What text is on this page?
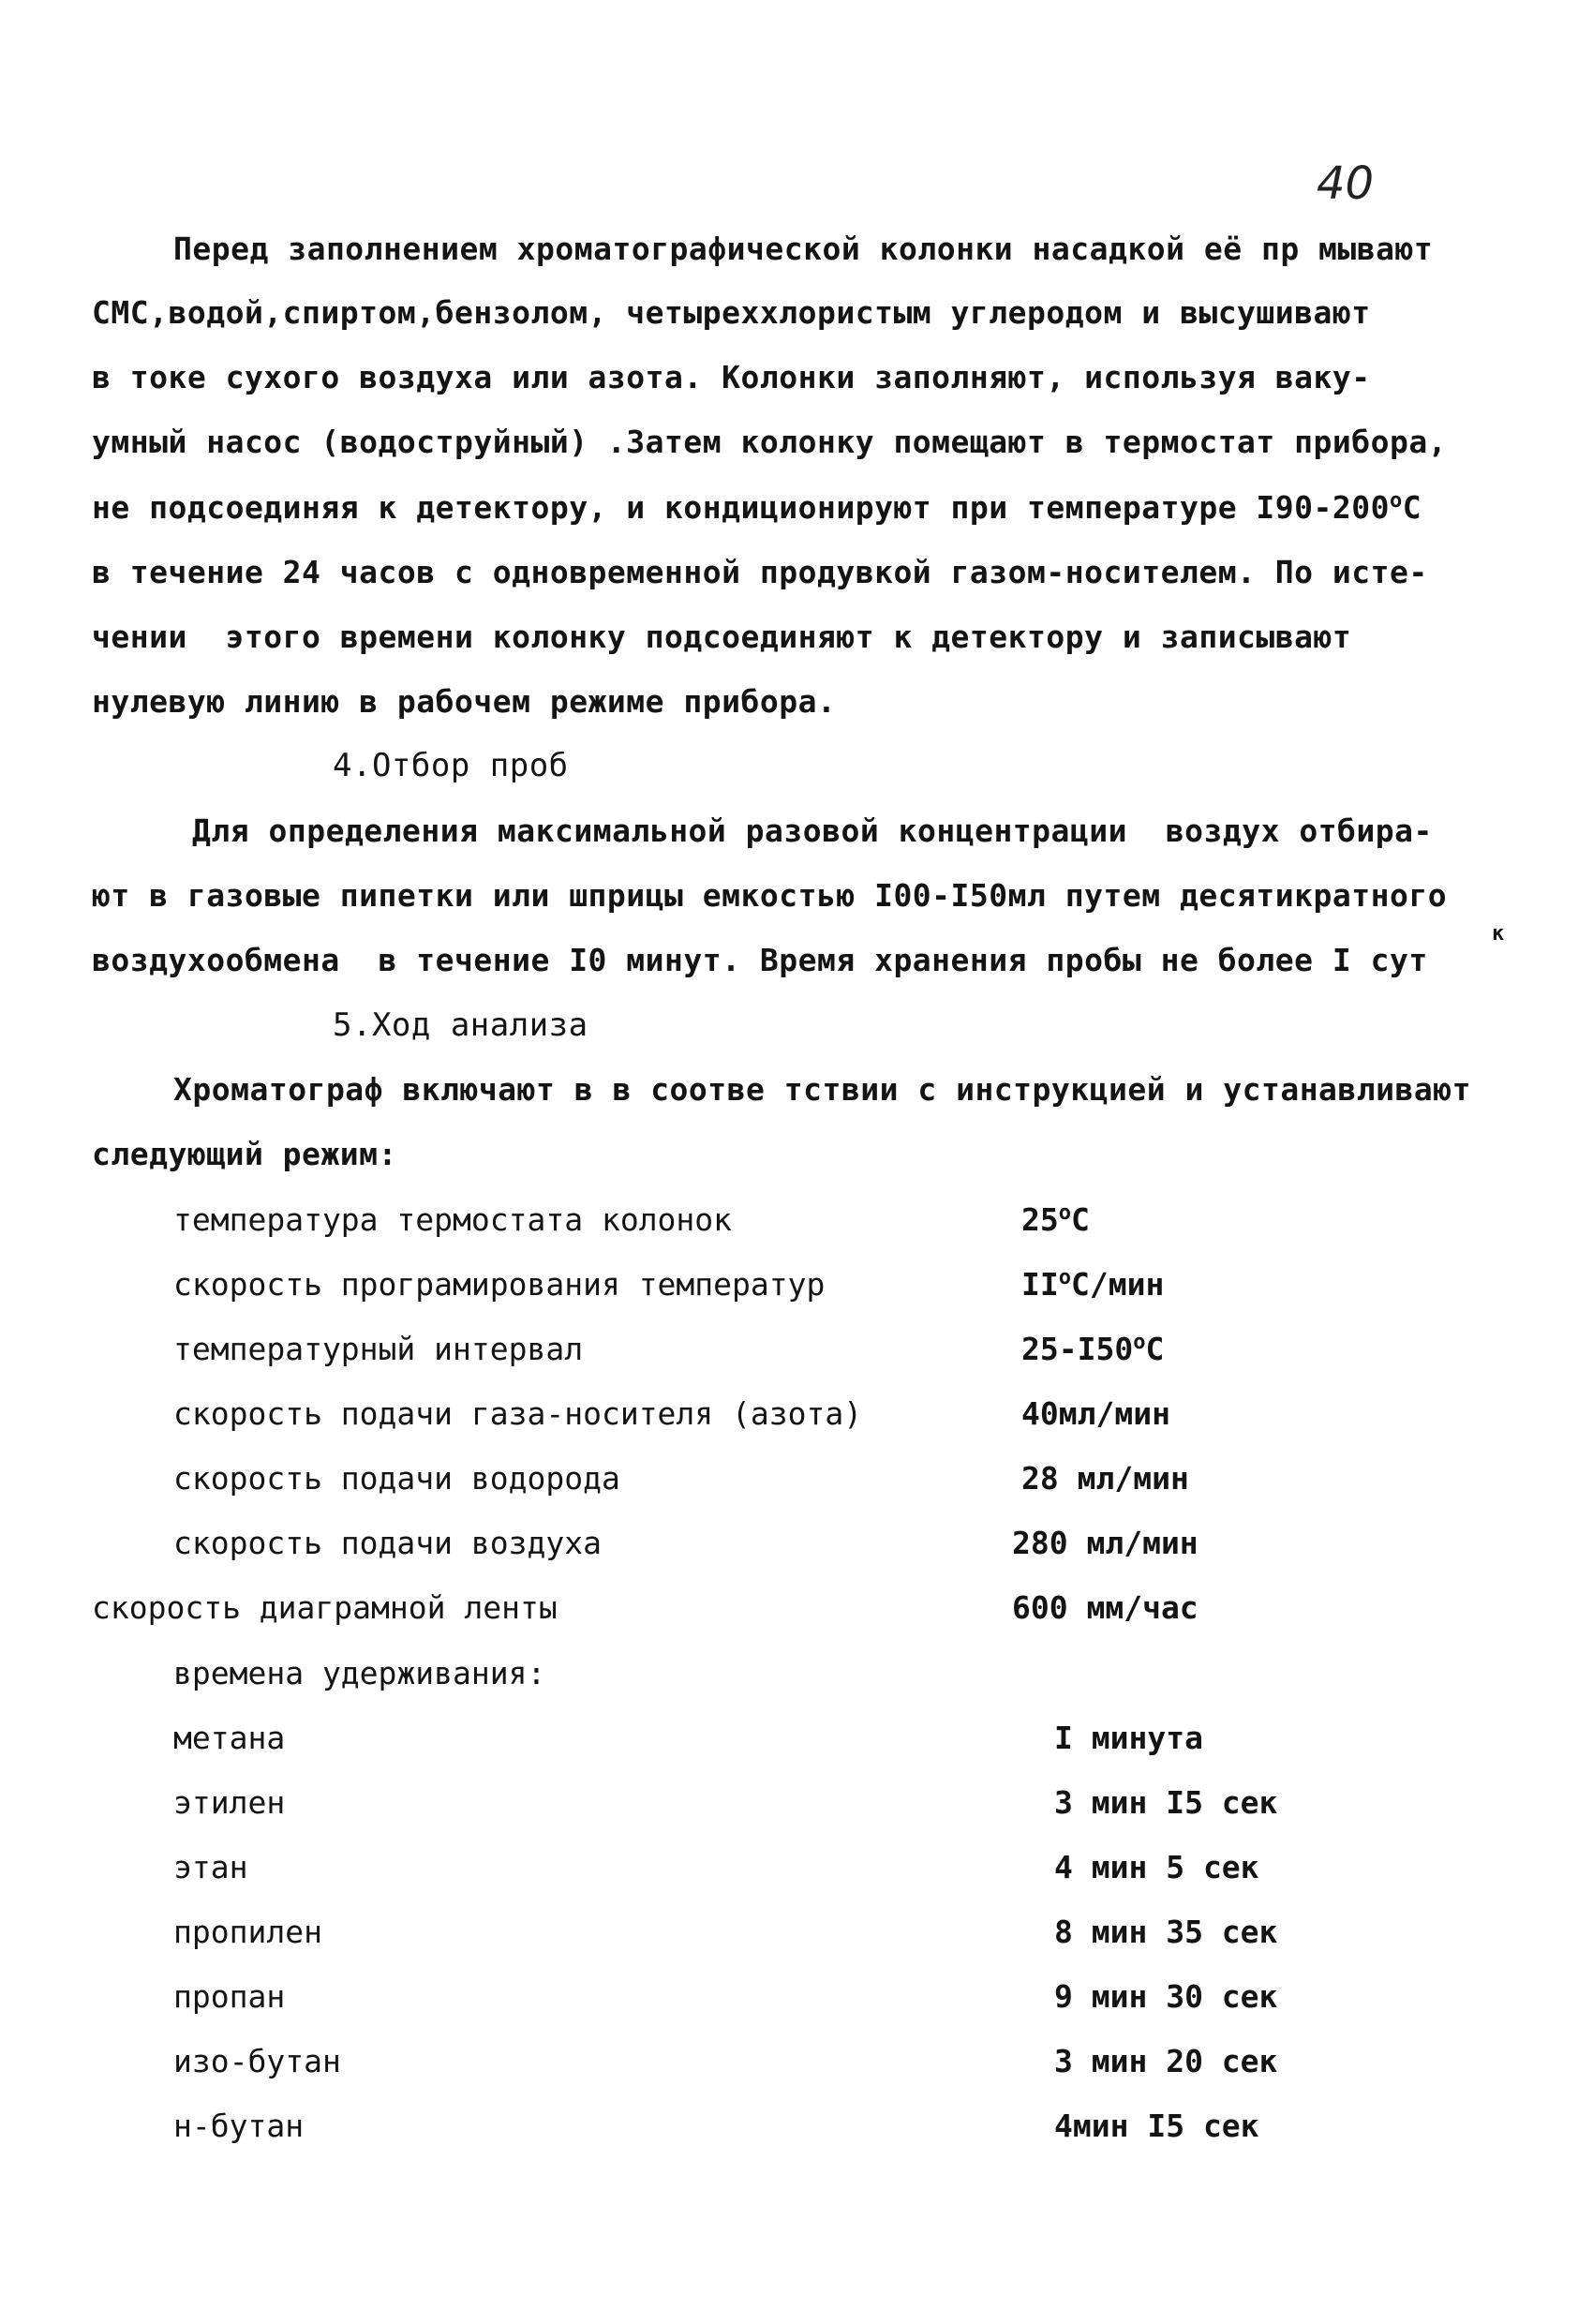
40
Перед заполнением хроматографической колонки насадкой её пр мывают
СМС,водой,спиртом,бензолом, четыреххлористым углеродом и высушивают
в токе сухого воздуха или азота. Колонки заполняют, используя ваку-
умный насос (водоструйный) .Затем колонку помещают в термостат прибора,
не подсоединяя к детектору, и кондиционируют при температуре I90-200$^o$C
в течение 24 часов с одновременной продувкой газом-носителем. По исте-
чении  этого времени колонку подсоединяют к детектору и записывают
нулевую линию в рабочем режиме прибора.
4.Отбор проб
Для определения максимальной разовой концентрации  воздух отбира-
ют в газовые пипетки или шприцы емкостью I00-I50мл путем десятикратного
к
воздухообмена  в течение I0 минут. Время хранения пробы не более I сут
5.Ход анализа
Хроматограф включают в в соотве тствии с инструкцией и устанавливают
следующий режим:
температура термостата колонок	25$^o$C
скорость програмирования температур	$II^oС$/мин
температурный интервал	25-I50$^o$C
скорость подачи газа-носителя (азота)	40мл/мин
скорость подачи водорода	28 мл/мин
скорость подачи воздуха	280 мл/мин
скорость диаграмной ленты	600 мм/час
времена удерживания:
метана	I минута
этилен	3 мин I5 сек
этан	4 мин 5 сек
пропилен	8 мин 35 сек
пропан	9 мин 30 сек
изо-бутан	3 мин 20 сек
н-бутан	4мин I5 сек
